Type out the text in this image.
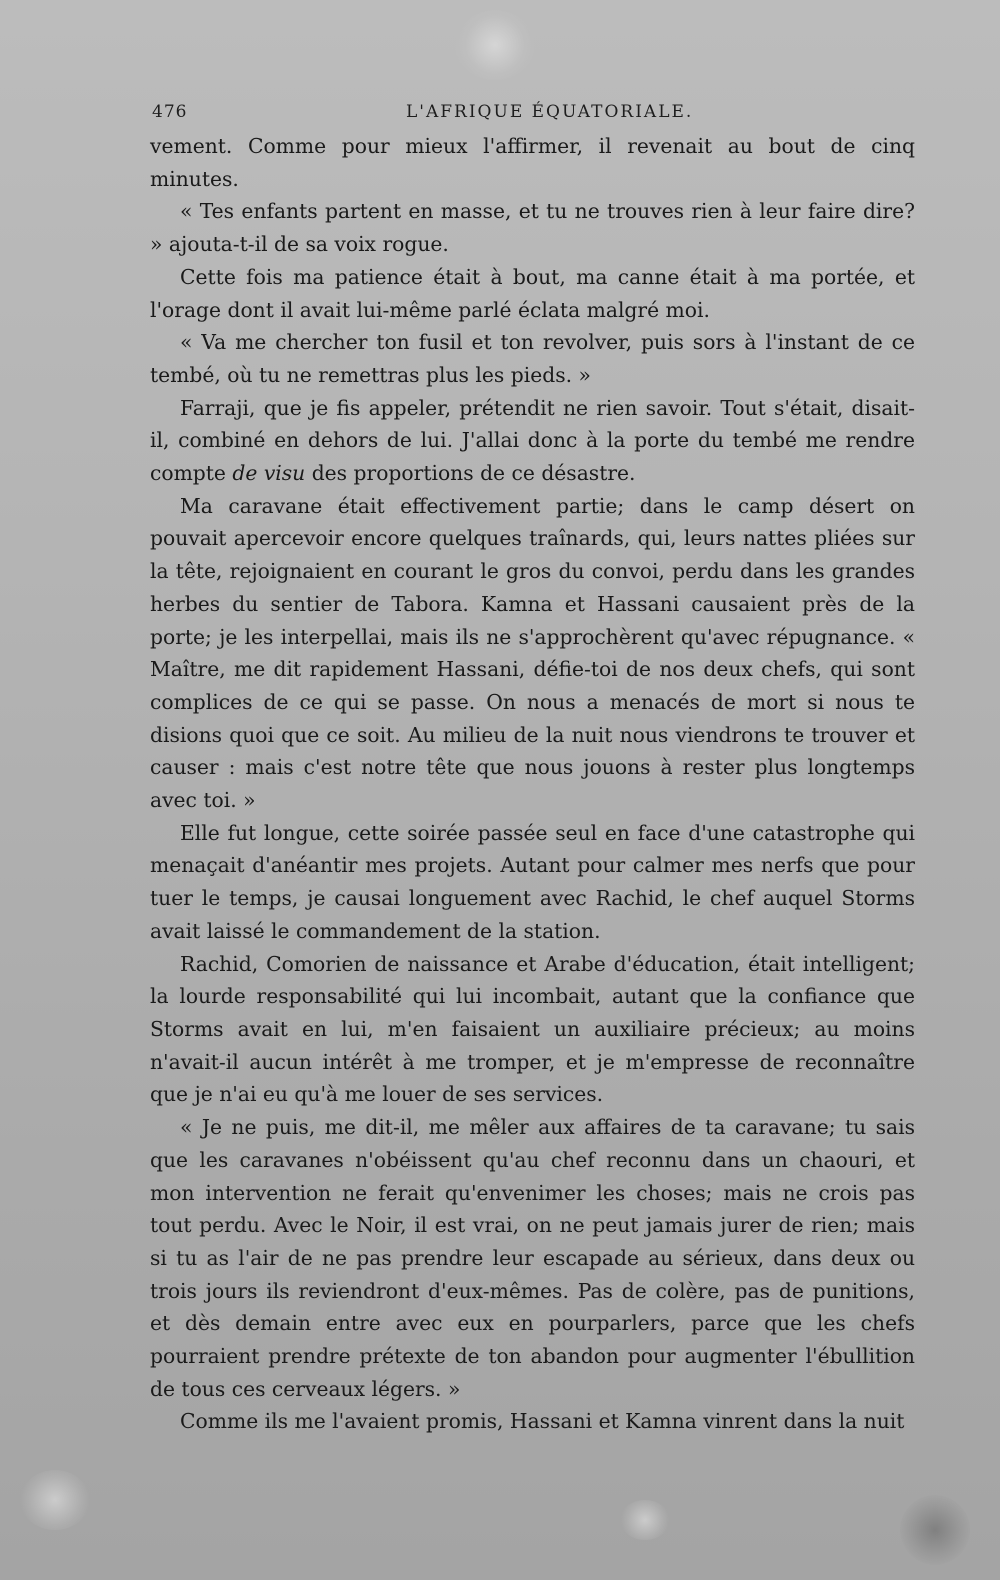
476	L'AFRIQUE ÉQUATORIALE.

vement. Comme pour mieux l'affirmer, il revenait au bout de cinq minutes.

« Tes enfants partent en masse, et tu ne trouves rien à leur faire dire? » ajouta-t-il de sa voix rogue.

Cette fois ma patience était à bout, ma canne était à ma portée, et l'orage dont il avait lui-même parlé éclata malgré moi.

« Va me chercher ton fusil et ton revolver, puis sors à l'instant de ce tembé, où tu ne remettras plus les pieds. »

Farraji, que je fis appeler, prétendit ne rien savoir. Tout s'était, disait-il, combiné en dehors de lui. J'allai donc à la porte du tembé me rendre compte de visu des proportions de ce désastre.

Ma caravane était effectivement partie; dans le camp désert on pouvait apercevoir encore quelques traînards, qui, leurs nattes pliées sur la tête, rejoignaient en courant le gros du convoi, perdu dans les grandes herbes du sentier de Tabora. Kamna et Hassani causaient près de la porte; je les interpellai, mais ils ne s'approchèrent qu'avec répugnance. « Maître, me dit rapidement Hassani, défie-toi de nos deux chefs, qui sont complices de ce qui se passe. On nous a menacés de mort si nous te disions quoi que ce soit. Au milieu de la nuit nous viendrons te trouver et causer : mais c'est notre tête que nous jouons à rester plus longtemps avec toi. »

Elle fut longue, cette soirée passée seul en face d'une catastrophe qui menaçait d'anéantir mes projets. Autant pour calmer mes nerfs que pour tuer le temps, je causai longuement avec Rachid, le chef auquel Storms avait laissé le commandement de la station.

Rachid, Comorien de naissance et Arabe d'éducation, était intelligent; la lourde responsabilité qui lui incombait, autant que la confiance que Storms avait en lui, m'en faisaient un auxiliaire précieux; au moins n'avait-il aucun intérêt à me tromper, et je m'empresse de reconnaître que je n'ai eu qu'à me louer de ses services.

« Je ne puis, me dit-il, me mêler aux affaires de ta caravane; tu sais que les caravanes n'obéissent qu'au chef reconnu dans un chaouri, et mon intervention ne ferait qu'envenimer les choses; mais ne crois pas tout perdu. Avec le Noir, il est vrai, on ne peut jamais jurer de rien; mais si tu as l'air de ne pas prendre leur escapade au sérieux, dans deux ou trois jours ils reviendront d'eux-mêmes. Pas de colère, pas de punitions, et dès demain entre avec eux en pourparlers, parce que les chefs pourraient prendre prétexte de ton abandon pour augmenter l'ébullition de tous ces cerveaux légers. »

Comme ils me l'avaient promis, Hassani et Kamna vinrent dans la nuit
